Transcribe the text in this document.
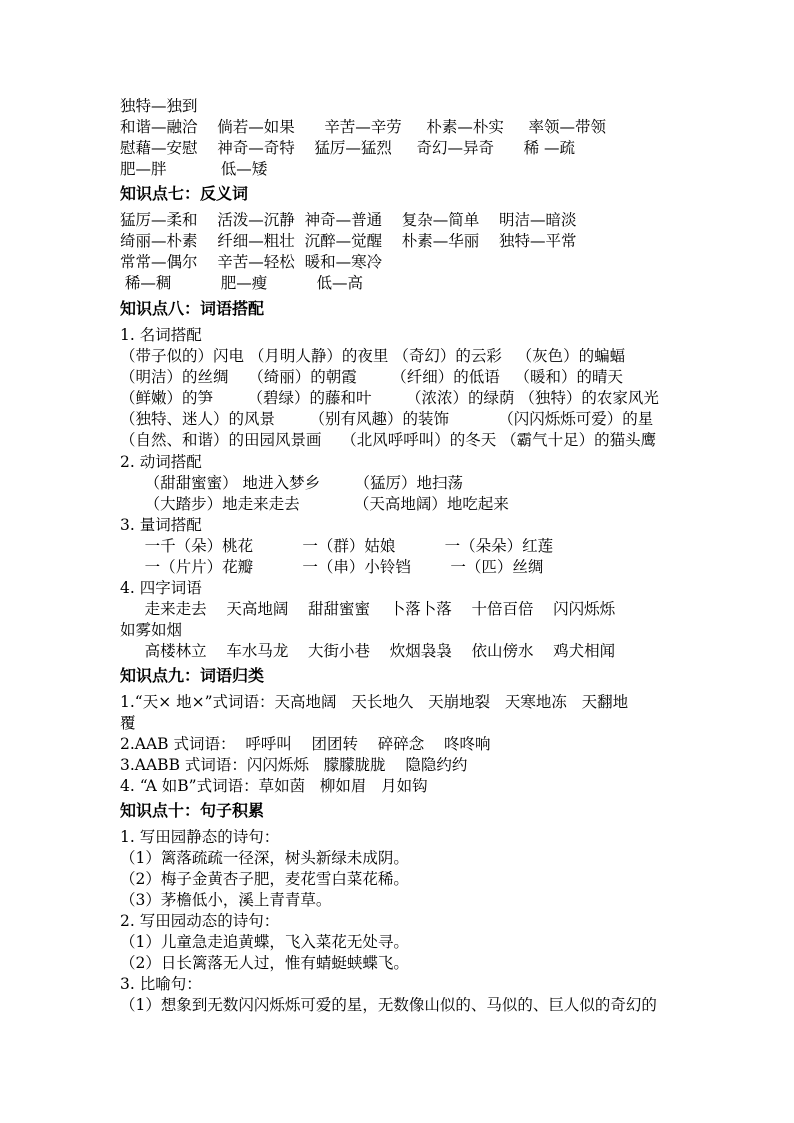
独特—独到
和谐—融洽    倘若—如果      辛苦—辛劳     朴素—朴实     率领—带领
慰藉—安慰    神奇—奇特    猛厉—猛烈     奇幻—异奇      稀 —疏
肥—胖           低—矮
知识点七：反义词
猛厉—柔和    活泼—沉静  神奇—普通    复杂—简单    明洁—暗淡
绮丽—朴素    纤细—粗壮  沉醉—觉醒    朴素—华丽    独特—平常
常常—偶尔    辛苦—轻松  暖和—寒冷
稀—稠          肥—瘦          低—高
知识点八：词语搭配
1. 名词搭配
（带子似的）闪电 （月明人静）的夜里 （奇幻）的云彩   （灰色）的蝙蝠
（明洁）的丝绸    （绮丽）的朝霞       （纤细）的低语   （暖和）的晴天
（鲜嫩）的笋       （碧绿）的藤和叶       （浓浓）的绿荫 （独特）的农家风光
（独特、迷人）的风景       （别有风趣）的装饰          （闪闪烁烁可爱）的星
（自然、和谐）的田园风景画    （北风呼呼叫）的冬天 （霸气十足）的猫头鹰
2. 动词搭配
（甜甜蜜蜜） 地进入梦乡       （猛厉）地扫荡
（大踏步）地走来走去           （天高地阔）地吃起来
3. 量词搭配
一千（朵）桃花          一（群）姑娘          一（朵朵）红莲
一（片片）花瓣          一（串）小铃铛        一（匹）丝绸
4. 四字词语
走来走去    天高地阔    甜甜蜜蜜    卜落卜落    十倍百倍    闪闪烁烁
如雾如烟
高楼林立    车水马龙    大街小巷    炊烟袅袅    依山傍水    鸡犬相闻
知识点九：词语归类
1.“天× 地×”式词语：天高地阔   天长地久   天崩地裂   天寒地冻   天翻地
覆
2.AAB 式词语：  呼呼叫    团团转    碎碎念    咚咚响
3.AABB 式词语：闪闪烁烁   朦朦胧胧    隐隐约约
4. “A 如B”式词语：草如茵   柳如眉   月如钩
知识点十：句子积累
1. 写田园静态的诗句：
（1）篱落疏疏一径深，树头新绿未成阴。
（2）梅子金黄杏子肥，麦花雪白菜花稀。
（3）茅檐低小，溪上青青草。
2. 写田园动态的诗句：
（1）儿童急走追黄蝶，飞入菜花无处寻。
（2）日长篱落无人过，惟有蜻蜓蛱蝶飞。
3. 比喻句：
（1）想象到无数闪闪烁烁可爱的星，无数像山似的、马似的、巨人似的奇幻的
